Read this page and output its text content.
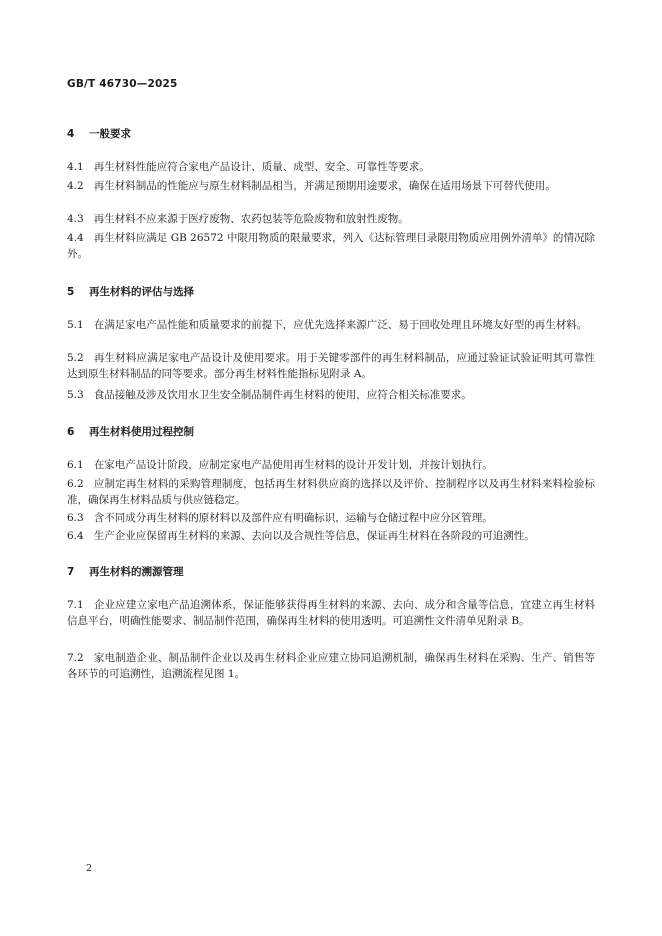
GB/T 46730—2025
4 一般要求

4.1 再生材料性能应符合家电产品设计、质量、成型、安全、可靠性等要求。

4.2 再生材料制品的性能应与原生材料制品相当，并满足预期用途要求，确保在适用场景下可替代使用。

4.3 再生材料不应来源于医疗废物、农药包装等危险废物和放射性废物。

4.4 再生材料应满足 GB 26572 中限用物质的限量要求，列入《达标管理目录限用物质应用例外清单》的情况除外。

5 再生材料的评估与选择

5.1 在满足家电产品性能和质量要求的前提下，应优先选择来源广泛、易于回收处理且环境友好型的再生材料。

5.2 再生材料应满足家电产品设计及使用要求。用于关键零部件的再生材料制品，应通过验证试验证明其可靠性达到原生材料制品的同等要求。部分再生材料性能指标见附录 A。

5.3 食品接触及涉及饮用水卫生安全制品制件再生材料的使用，应符合相关标准要求。

6 再生材料使用过程控制

6.1 在家电产品设计阶段，应制定家电产品使用再生材料的设计开发计划，并按计划执行。

6.2 应制定再生材料的采购管理制度，包括再生材料供应商的选择以及评价、控制程序以及再生材料来料检验标准，确保再生材料品质与供应链稳定。

6.3 含不同成分再生材料的原材料以及部件应有明确标识，运输与仓储过程中应分区管理。

6.4 生产企业应保留再生材料的来源、去向以及合规性等信息，保证再生材料在各阶段的可追溯性。

7 再生材料的溯源管理

7.1 企业应建立家电产品追溯体系，保证能够获得再生材料的来源、去向、成分和含量等信息，宜建立再生材料信息平台，明确性能要求、制品制件范围，确保再生材料的使用透明。可追溯性文件清单见附录 B。

7.2 家电制造企业、制品制件企业以及再生材料企业应建立协同追溯机制，确保再生材料在采购、生产、销售等各环节的可追溯性，追溯流程见图 1。

2
